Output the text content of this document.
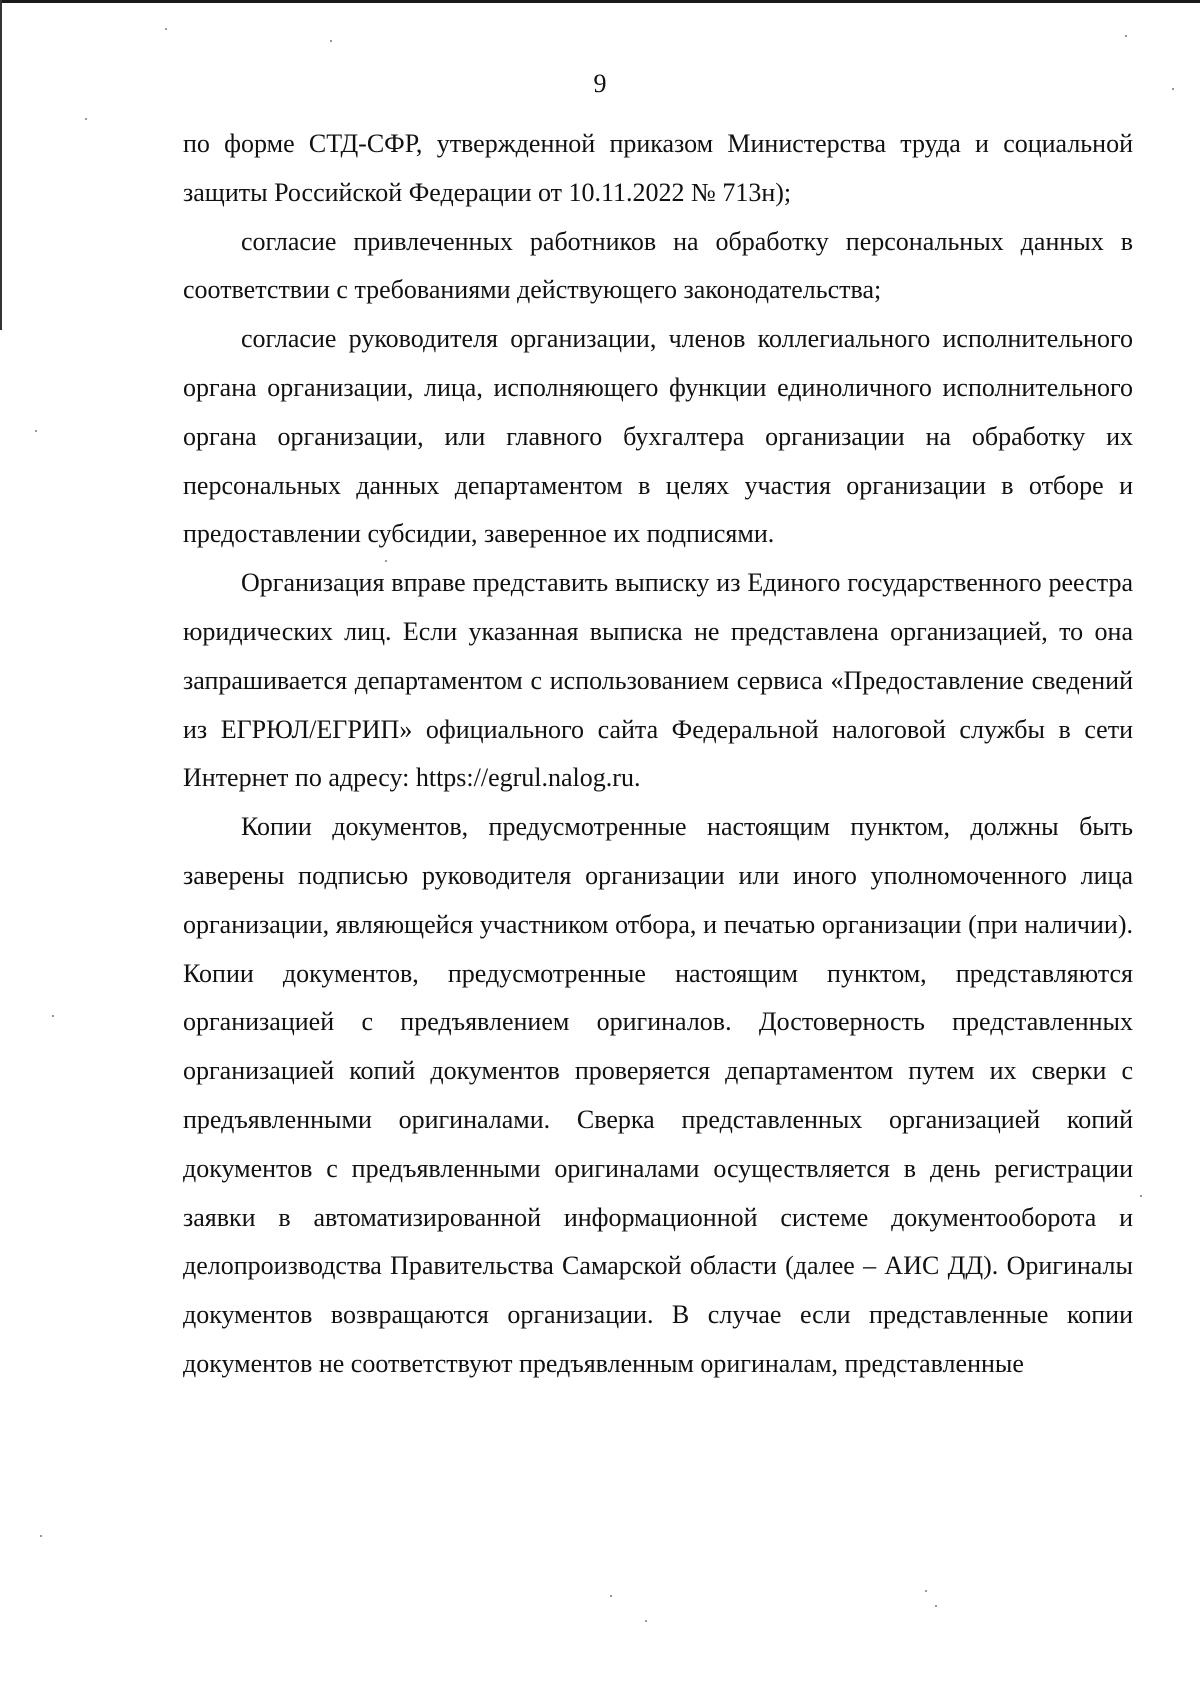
9

по форме СТД-СФР, утвержденной приказом Министерства труда и социальной защиты Российской Федерации от 10.11.2022 № 713н);

согласие привлеченных работников на обработку персональных данных в соответствии с требованиями действующего законодательства;

согласие руководителя организации, членов коллегиального исполнительного органа организации, лица, исполняющего функции единоличного исполнительного органа организации, или главного бухгалтера организации на обработку их персональных данных департаментом в целях участия организации в отборе и предоставлении субсидии, заверенное их подписями.

Организация вправе представить выписку из Единого государственного реестра юридических лиц. Если указанная выписка не представлена организацией, то она запрашивается департаментом с использованием сервиса «Предоставление сведений из ЕГРЮЛ/ЕГРИП» официального сайта Федеральной налоговой службы в сети Интернет по адресу: https://egrul.nalog.ru.

Копии документов, предусмотренные настоящим пунктом, должны быть заверены подписью руководителя организации или иного уполномоченного лица организации, являющейся участником отбора, и печатью организации (при наличии). Копии документов, предусмотренные настоящим пунктом, представляются организацией с предъявлением оригиналов. Достоверность представленных организацией копий документов проверяется департаментом путем их сверки с предъявленными оригиналами. Сверка представленных организацией копий документов с предъявленными оригиналами осуществляется в день регистрации заявки в автоматизированной информационной системе документооборота и делопроизводства Правительства Самарской области (далее – АИС ДД). Оригиналы документов возвращаются организации. В случае если представленные копии документов не соответствуют предъявленным оригиналам, представленные
